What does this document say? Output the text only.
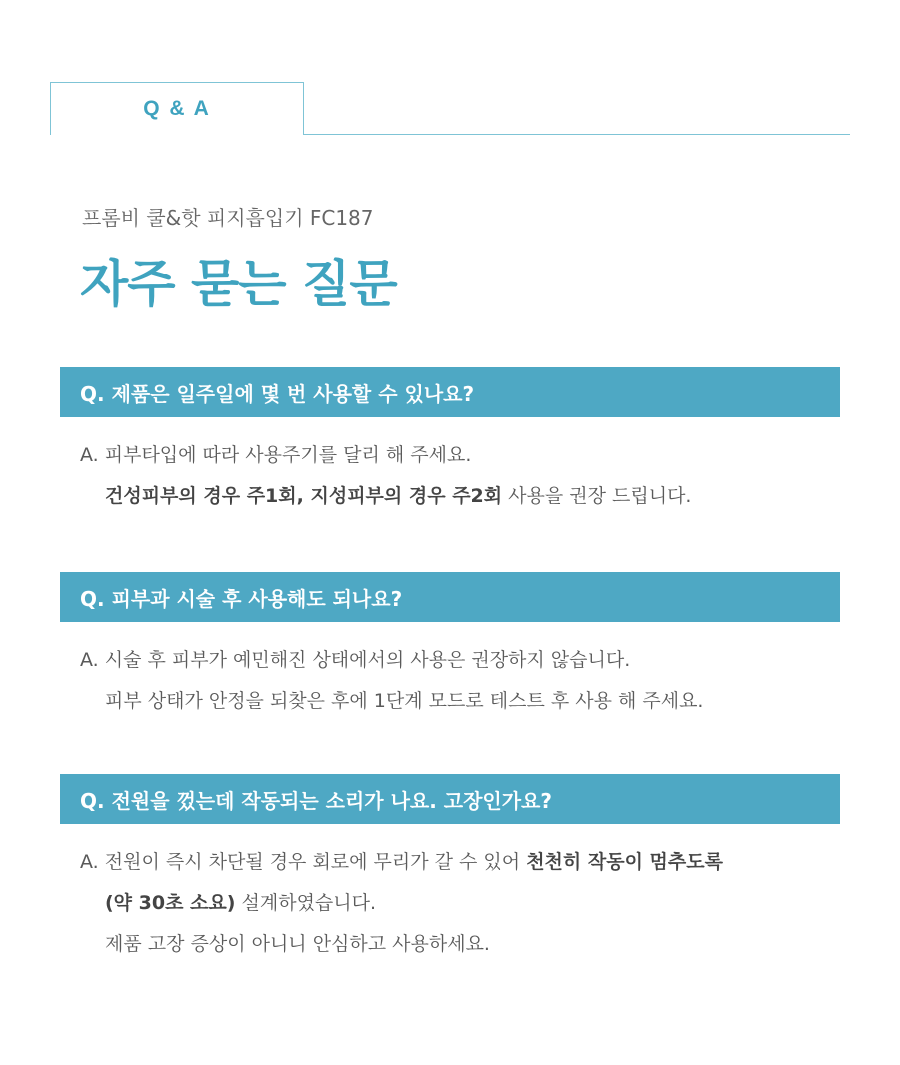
Q & A
프롬비 쿨&핫 피지흡입기 FC187
자주 묻는 질문
Q. 제품은 일주일에 몇 번 사용할 수 있나요?
A. 피부타입에 따라 사용주기를 달리 해 주세요.
건성피부의 경우 주1회, 지성피부의 경우 주2회 사용을 권장 드립니다.
Q. 피부과 시술 후 사용해도 되나요?
A. 시술 후 피부가 예민해진 상태에서의 사용은 권장하지 않습니다.
피부 상태가 안정을 되찾은 후에 1단계 모드로 테스트 후 사용 해 주세요.
Q. 전원을 껐는데 작동되는 소리가 나요. 고장인가요?
A. 전원이 즉시 차단될 경우 회로에 무리가 갈 수 있어 천천히 작동이 멈추도록
(약 30초 소요) 설계하였습니다.
제품 고장 증상이 아니니 안심하고 사용하세요.
